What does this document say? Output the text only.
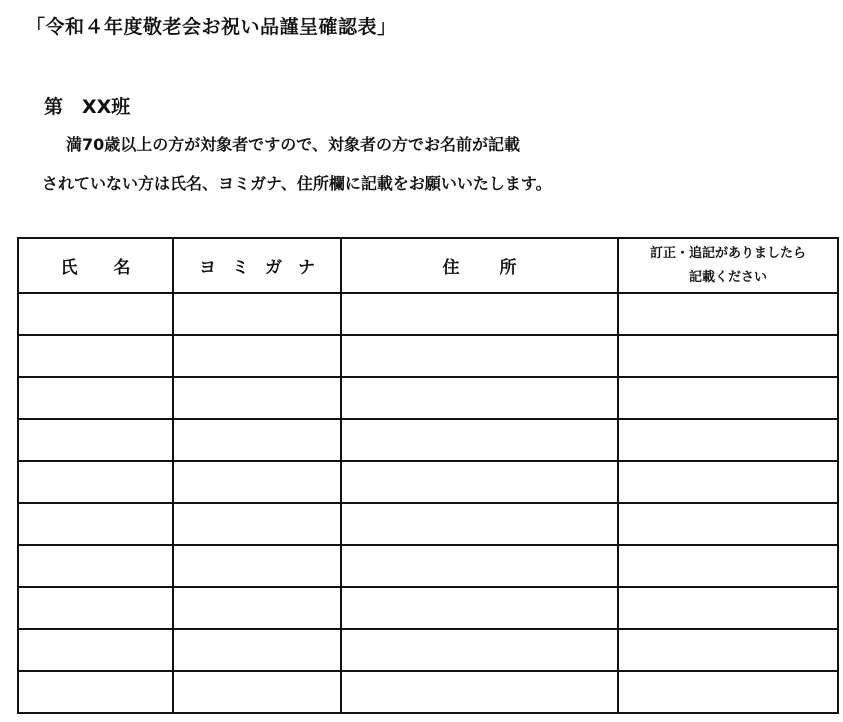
「令和４年度敬老会お祝い品謹呈確認表」
第　XX班
満70歳以上の方が対象者ですので、対象者の方でお名前が記載
されていない方は氏名、ヨミガナ、住所欄に記載をお願いいたします。
氏名	ヨミガナ	住所	訂正・追記がありましたら
記載ください
